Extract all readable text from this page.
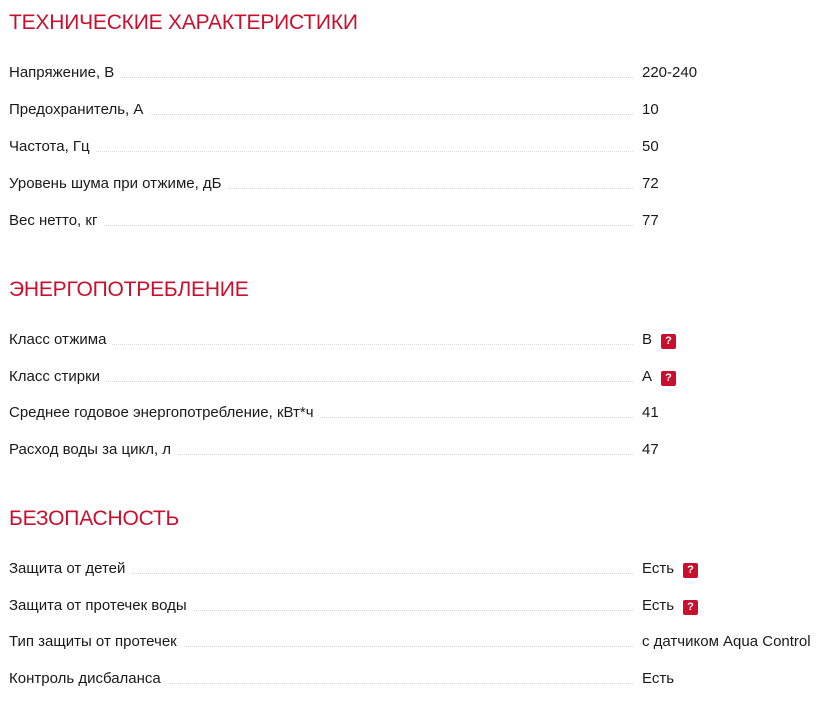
ТЕХНИЧЕСКИЕ ХАРАКТЕРИСТИКИ
Напряжение, В	220-240
Предохранитель, А	10
Частота, Гц	50
Уровень шума при отжиме, дБ	72
Вес нетто, кг	77
ЭНЕРГОПОТРЕБЛЕНИЕ
Класс отжима	B ?
Класс стирки	A ?
Среднее годовое энергопотребление, кВт*ч	41
Расход воды за цикл, л	47
БЕЗОПАСНОСТЬ
Защита от детей	Есть ?
Защита от протечек воды	Есть ?
Тип защиты от протечек	с датчиком Aqua Control
Контроль дисбаланса	Есть
